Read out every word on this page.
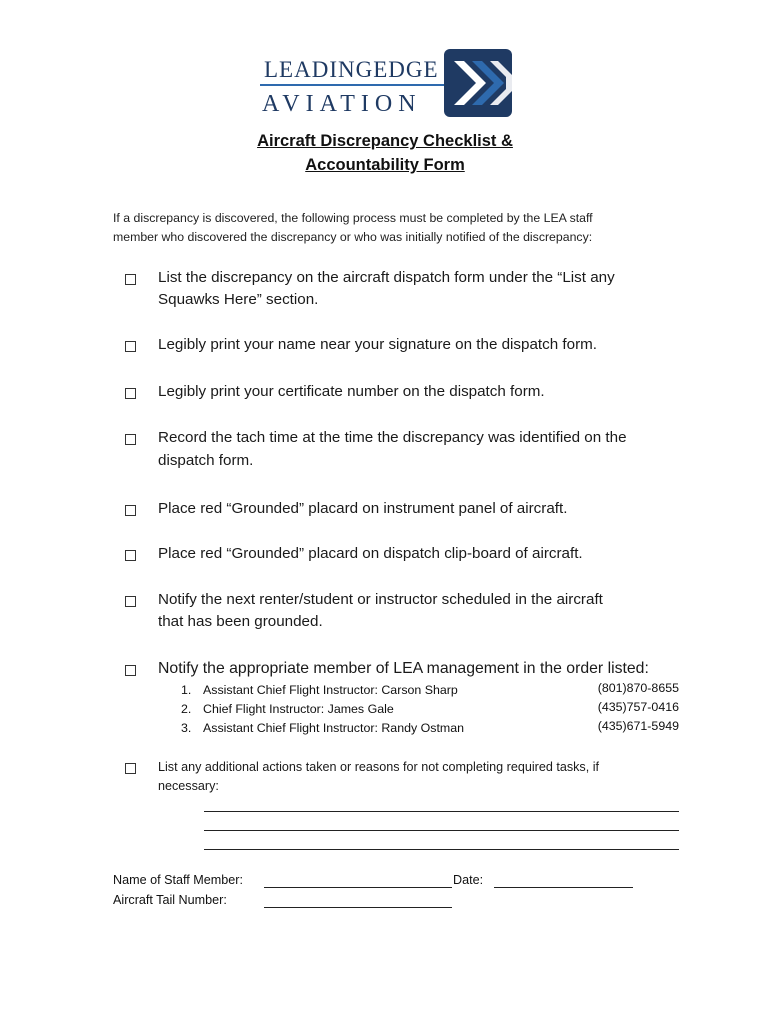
LEADINGEDGE
AVIATION
Aircraft Discrepancy Checklist &
Accountability Form
If a discrepancy is discovered, the following process must be completed by the LEA staff
member who discovered the discrepancy or who was initially notified of the discrepancy:
List the discrepancy on the aircraft dispatch form under the “List any
Squawks Here” section.
Legibly print your name near your signature on the dispatch form.
Legibly print your certificate number on the dispatch form.
Record the tach time at the time the discrepancy was identified on the
dispatch form.
Place red “Grounded” placard on instrument panel of aircraft.
Place red “Grounded” placard on dispatch clip-board of aircraft.
Notify the next renter/student or instructor scheduled in the aircraft
that has been grounded.
Notify the appropriate member of LEA management in the order listed:
1. Assistant Chief Flight Instructor: Carson Sharp	(801)870-8655
2. Chief Flight Instructor: James Gale	(435)757-0416
3. Assistant Chief Flight Instructor: Randy Ostman	(435)671-5949
List any additional actions taken or reasons for not completing required tasks, if
necessary:
Name of Staff Member:	Date:
Aircraft Tail Number:
